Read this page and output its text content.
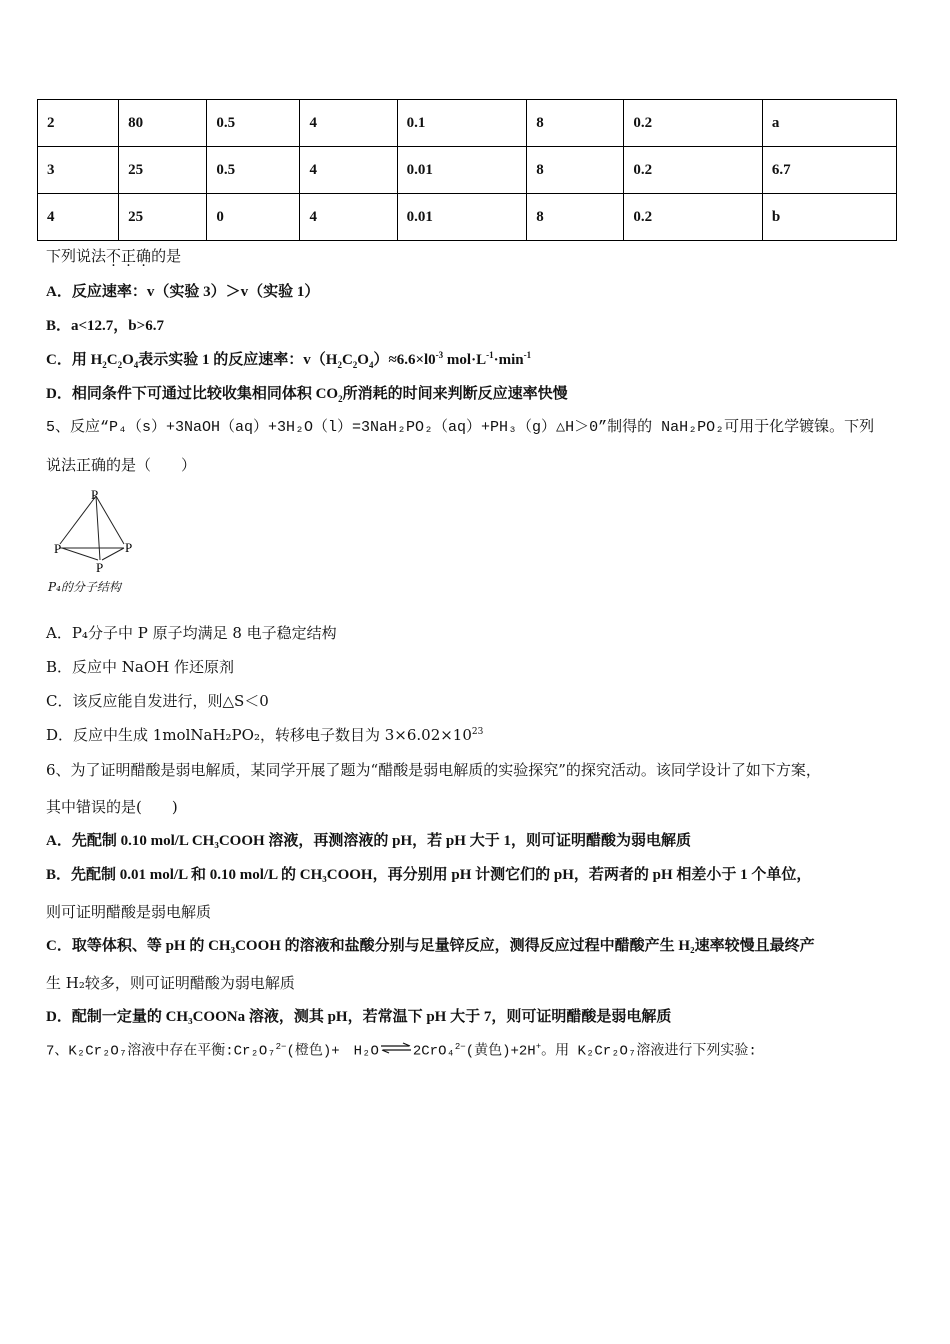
2	80	0.5	4	0.1	8	0.2	a
3	25	0.5	4	0.01	8	0.2	6.7
4	25	0	4	0.01	8	0.2	b
下列说法不正确的是
A．反应速率：v（实验 3）＞v（实验 1）
B．a<12.7，b>6.7
C．用 $H_2C_2O_4$表示实验 1 的反应速率：$v(H_2C_2O_4)\approx 6.6\times l0^{-3}$ $mol\cdot L^{-1}\cdot\min^{-1}$
D．相同条件下可通过比较收集相同体积 $CO_2$所消耗的时间来判断反应速率快慢
5、反应“P₄（s）+3NaOH（aq）+3H₂O（l）=3NaH₂PO₂（aq）+PH₃（g）△H＞0”制得的 NaH₂PO₂可用于化学镀镍。下列
说法正确的是（　　）
P
P	P
P
P₄的分子结构
A．P₄分子中 P 原子均满足 8 电子稳定结构
B．反应中 NaOH 作还原剂
C．该反应能自发进行，则△S＜0
D．反应中生成 1molNaH₂PO₂，转移电子数目为 $3\times 6.02\times 10^{23}$
6、为了证明醋酸是弱电解质，某同学开展了题为“醋酸是弱电解质的实验探究”的探究活动。该同学设计了如下方案，
其中错误的是(　　)
A．先配制 0.10 mol/L CH₃COOH 溶液，再测溶液的 pH，若 pH 大于 1，则可证明醋酸为弱电解质
B．先配制 0.01 mol/L 和 0.10 mol/L 的 CH₃COOH，再分别用 pH 计测它们的 pH，若两者的 pH 相差小于 1 个单位，
则可证明醋酸是弱电解质
C．取等体积、等 pH 的 CH₃COOH 的溶液和盐酸分别与足量锌反应，测得反应过程中醋酸产生 H₂速率较慢且最终产
生 H₂较多，则可证明醋酸为弱电解质
D．配制一定量的 CH₃COONa 溶液，测其 pH，若常温下 pH 大于 7，则可证明醋酸是弱电解质
7、K₂Cr₂O₇溶液中存在平衡:Cr₂O₇$^{2-}$(橙色)+　H₂O⇌2CrO₄$^{2-}$(黄色)+2H+。用 K₂Cr₂O₇溶液进行下列实验:
